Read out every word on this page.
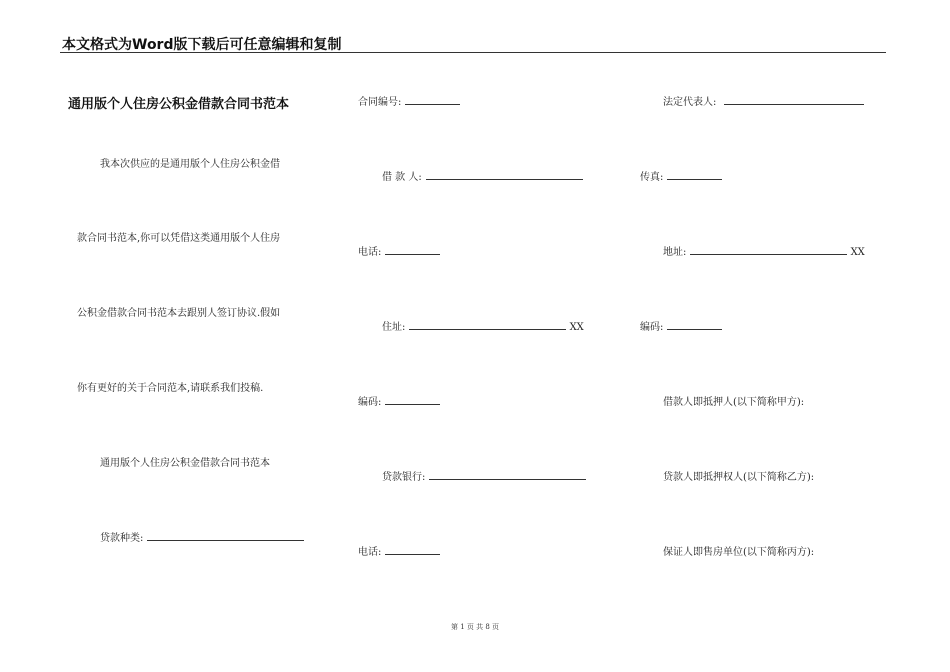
本文格式为Word版下载后可任意编辑和复制
通用版个人住房公积金借款合同书范本
我本次供应的是通用版个人住房公积金借
款合同书范本,你可以凭借这类通用版个人住房
公积金借款合同书范本去跟别人签订协议.假如
你有更好的关于合同范本,请联系我们投稿.
通用版个人住房公积金借款合同书范本
贷款种类:
合同编号:
借 款 人:
电话:
住址:	XX
编码:
贷款银行:
电话:
法定代表人:
传真:
地址:	XX
编码:
借款人即抵押人(以下简称甲方):
贷款人即抵押权人(以下简称乙方):
保证人即售房单位(以下简称丙方):
第 1 页 共 8 页
